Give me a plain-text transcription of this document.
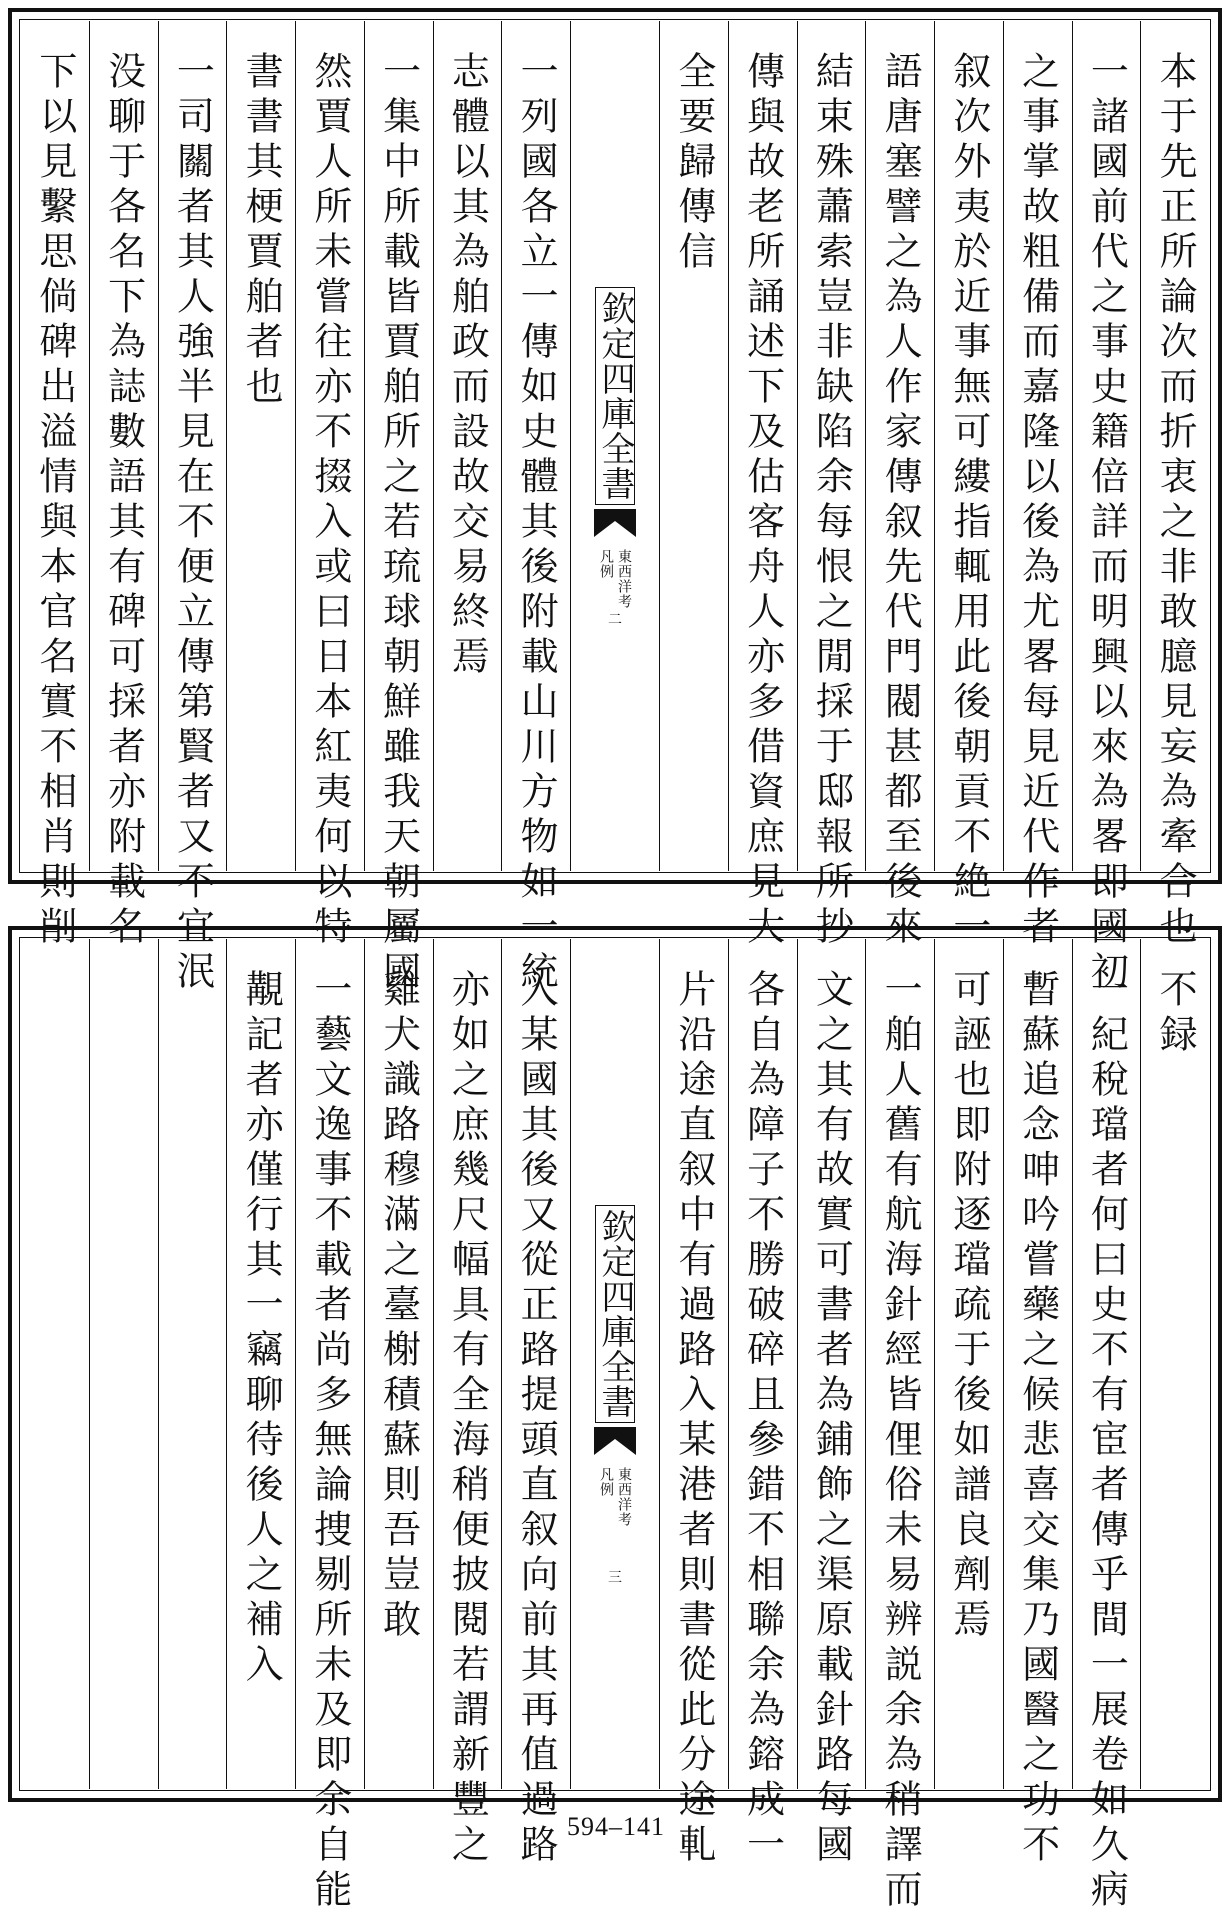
本于先正所論次而折衷之非敢臆見妄為牽合也
一諸國前代之事史籍倍詳而明興以來為畧即國初
之事掌故粗備而嘉隆以後為尤畧每見近代作者
叙次外夷於近事無可縷指輒用此後朝貢不絶一
語唐塞譬之為人作家傳叙先代門閥甚都至後來
結束殊蕭索豈非缺陷余每恨之閒採于邸報所抄
傳與故老所誦述下及估客舟人亦多借資庶見大
全要歸傳信
欽定四庫全書
東西洋考
凡例
二
一列國各立一傳如史體其後附載山川方物如一統
志體以其為舶政而設故交易終焉
一集中所載皆賈舶所之若琉球朝鮮雖我天朝屬國
然賈人所未嘗往亦不掇入或曰日本紅夷何以特
書書其梗賈舶者也
一司關者其人強半見在不便立傳第賢者又不宜泯
没聊于各名下為誌數語其有碑可採者亦附載名
下以見繫思倘碑出溢情與本官名實不相肖則削
不録
一紀稅璫者何曰史不有宦者傳乎間一展卷如久病
暫蘇追念呻吟嘗藥之候悲喜交集乃國醫之功不
可誣也即附逐璫疏于後如譜良劑焉
一舶人舊有航海針經皆俚俗未易辨説余為稍譯而
文之其有故實可書者為鋪飾之渠原載針路每國
各自為障子不勝破碎且參錯不相聯余為鎔成一
片沿途直叙中有過路入某港者則書從此分途軋
欽定四庫全書
東西洋考
凡例
三
入某國其後又從正路提頭直叙向前其再值過路
亦如之庶幾尺幅具有全海稍便披閱若謂新豐之
雞犬識路穆滿之臺榭積蘇則吾豈敢
一藝文逸事不載者尚多無論捜剔所未及即余自能
覯記者亦僅行其一竊聊待後人之補入
594–141
